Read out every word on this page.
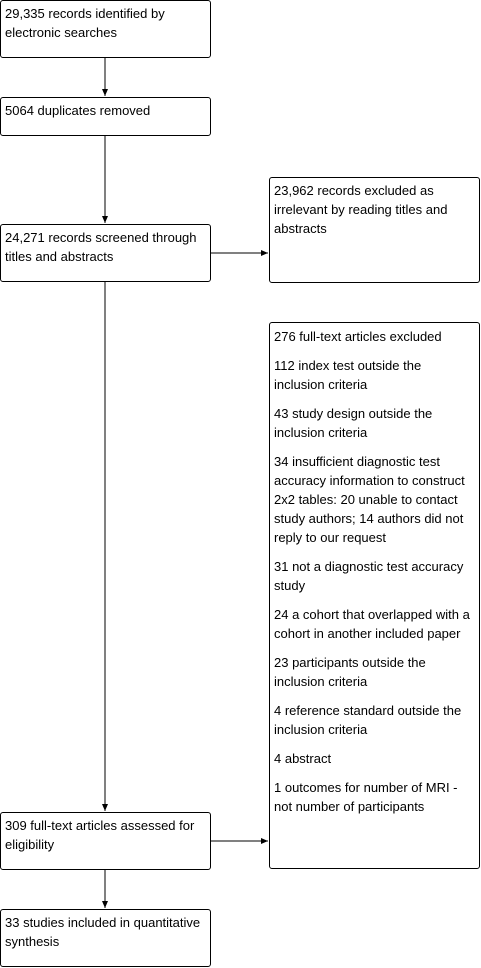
29,335 records identified by electronic searches

5064 duplicates removed

24,271 records screened through titles and abstracts

23,962 records excluded as irrelevant by reading titles and abstracts

276 full-text articles excluded

112 index test outside the inclusion criteria

43 study design outside the inclusion criteria

34 insufficient diagnostic test accuracy information to construct 2x2 tables: 20 unable to contact study authors; 14 authors did not reply to our request

31 not a diagnostic test accuracy study

24 a cohort that overlapped with a cohort in another included paper

23 participants outside the inclusion criteria

4 reference standard outside the inclusion criteria

4 abstract

1 outcomes for number of MRI - not number of participants

309 full-text articles assessed for eligibility

33 studies included in quantitative synthesis
